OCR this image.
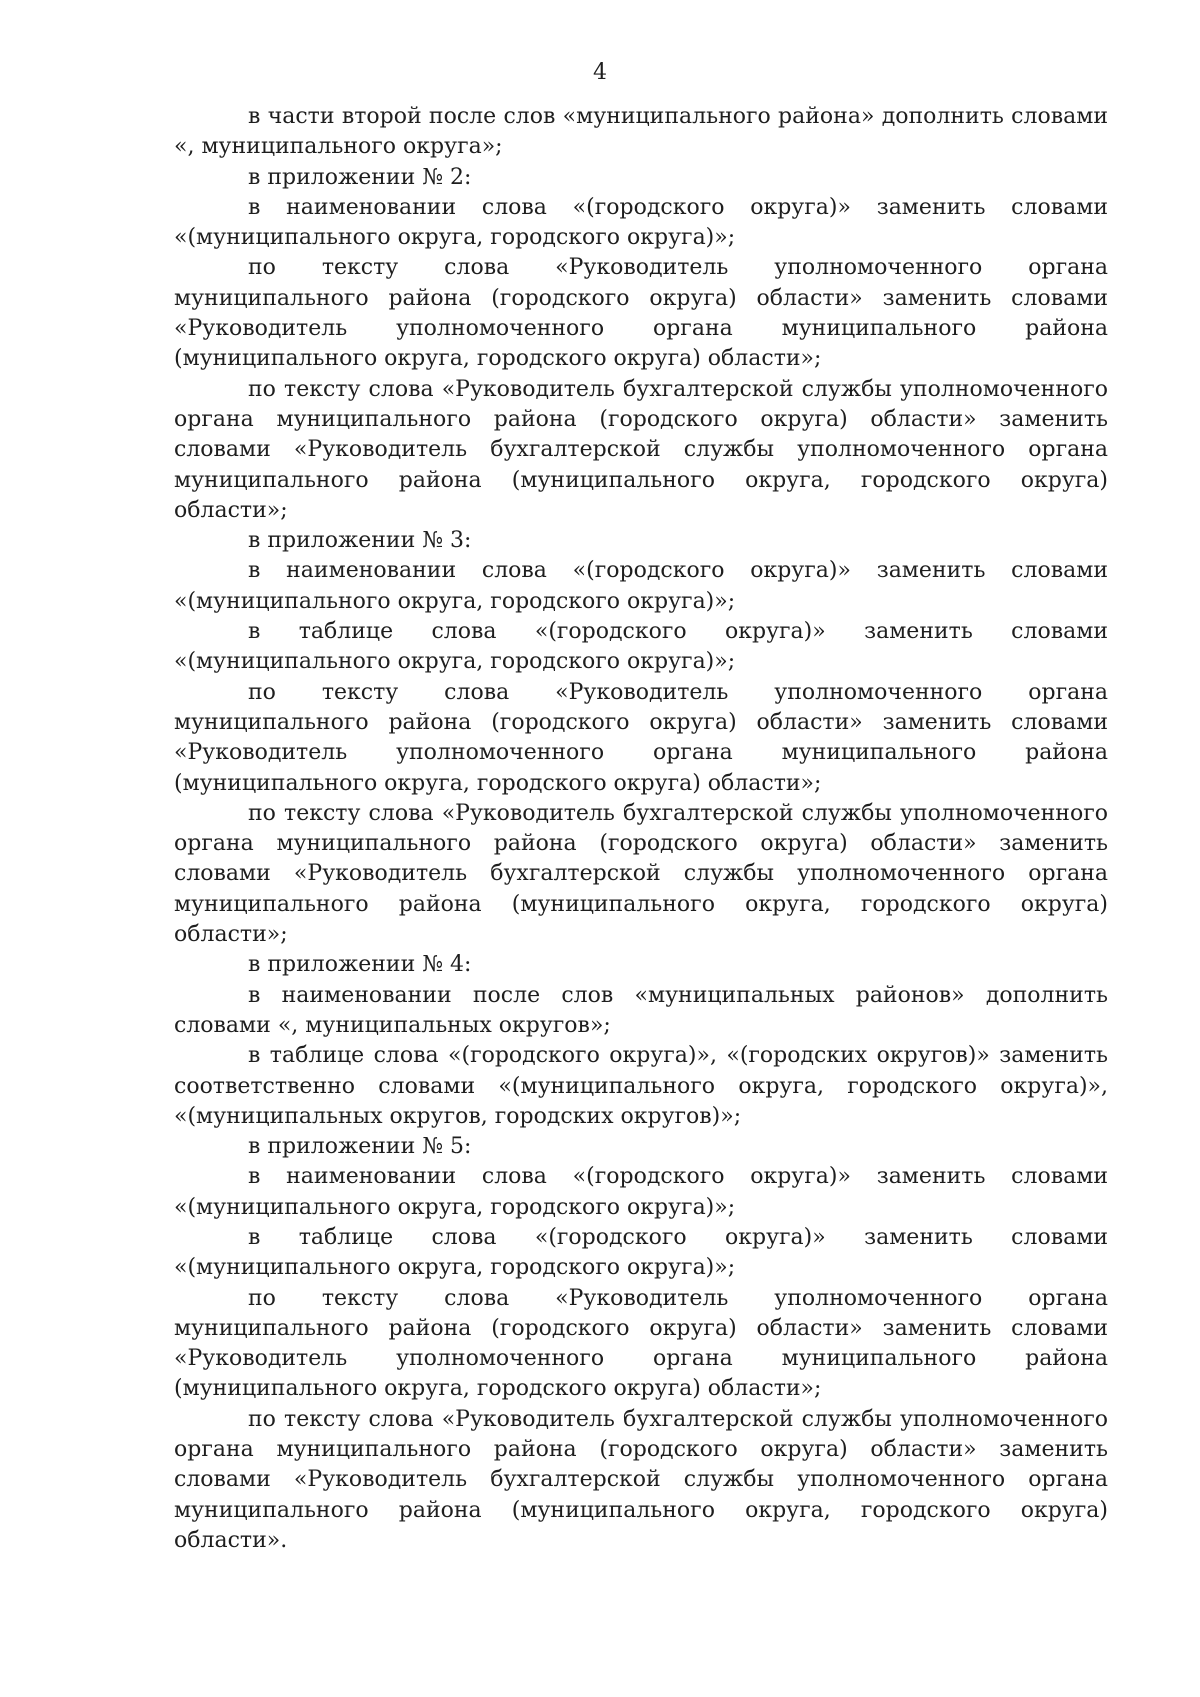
4

в части второй после слов «муниципального района» дополнить словами «, муниципального округа»;

в приложении № 2:

в наименовании слова «(городского округа)» заменить словами «(муниципального округа, городского округа)»;

по тексту слова «Руководитель уполномоченного органа муниципального района (городского округа) области» заменить словами «Руководитель уполномоченного органа муниципального района (муниципального округа, городского округа) области»;

по тексту слова «Руководитель бухгалтерской службы уполномоченного органа муниципального района (городского округа) области» заменить словами «Руководитель бухгалтерской службы уполномоченного органа муниципального района (муниципального округа, городского округа) области»;

в приложении № 3:

в наименовании слова «(городского округа)» заменить словами «(муниципального округа, городского округа)»;

в таблице слова «(городского округа)» заменить словами «(муниципального округа, городского округа)»;

по тексту слова «Руководитель уполномоченного органа муниципального района (городского округа) области» заменить словами «Руководитель уполномоченного органа муниципального района (муниципального округа, городского округа) области»;

по тексту слова «Руководитель бухгалтерской службы уполномоченного органа муниципального района (городского округа) области» заменить словами «Руководитель бухгалтерской службы уполномоченного органа муниципального района (муниципального округа, городского округа) области»;

в приложении № 4:

в наименовании после слов «муниципальных районов» дополнить словами «, муниципальных округов»;

в таблице слова «(городского округа)», «(городских округов)» заменить соответственно словами «(муниципального округа, городского округа)», «(муниципальных округов, городских округов)»;

в приложении № 5:

в наименовании слова «(городского округа)» заменить словами «(муниципального округа, городского округа)»;

в таблице слова «(городского округа)» заменить словами «(муниципального округа, городского округа)»;

по тексту слова «Руководитель уполномоченного органа муниципального района (городского округа) области» заменить словами «Руководитель уполномоченного органа муниципального района (муниципального округа, городского округа) области»;

по тексту слова «Руководитель бухгалтерской службы уполномоченного органа муниципального района (городского округа) области» заменить словами «Руководитель бухгалтерской службы уполномоченного органа муниципального района (муниципального округа, городского округа) области».
